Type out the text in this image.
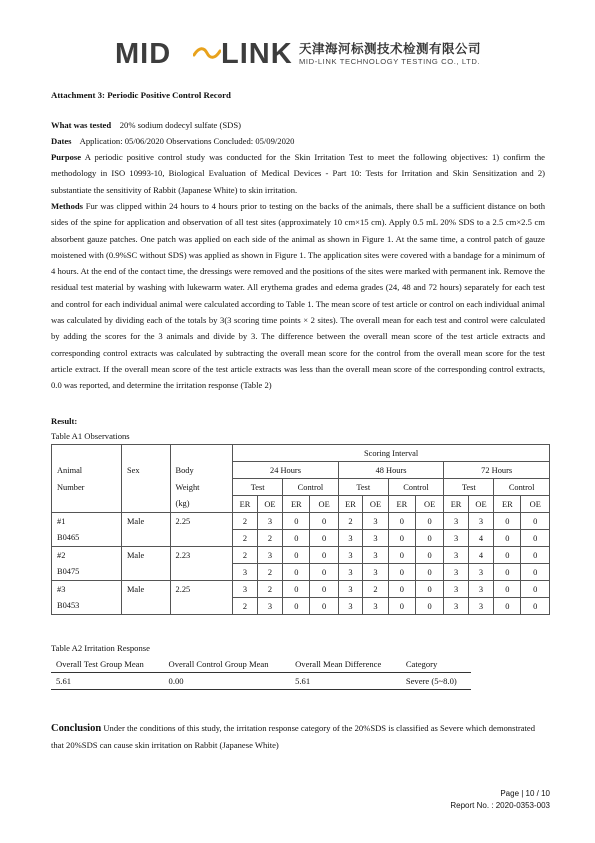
MID LINK 天津海河标测技术检测有限公司
MID-LINK TECHNOLOGY TESTING CO., LTD.
Attachment 3: Periodic Positive Control Record
What was tested 20% sodium dodecyl sulfate (SDS)
Dates Application: 05/06/2020 Observations Concluded: 05/09/2020
Purpose A periodic positive control study was conducted for the Skin Irritation Test to meet the following objectives: 1) confirm the methodology in ISO 10993-10, Biological Evaluation of Medical Devices - Part 10: Tests for Irritation and Skin Sensitization and 2) substantiate the sensitivity of Rabbit (Japanese White) to skin irritation.
Methods Fur was clipped within 24 hours to 4 hours prior to testing on the backs of the animals, there shall be a sufficient distance on both sides of the spine for application and observation of all test sites (approximately 10 cm×15 cm). Apply 0.5 mL 20% SDS to a 2.5 cm×2.5 cm absorbent gauze patches. One patch was applied on each side of the animal as shown in Figure 1. At the same time, a control patch of gauze moistened with (0.9%SC without SDS) was applied as shown in Figure 1. The application sites were covered with a bandage for a minimum of 4 hours. At the end of the contact time, the dressings were removed and the positions of the sites were marked with permanent ink. Remove the residual test material by washing with lukewarm water. All erythema grades and edema grades (24, 48 and 72 hours) separately for each test and control for each individual animal were calculated according to Table 1. The mean score of test article or control on each individual animal was calculated by dividing each of the totals by 3(3 scoring time points × 2 sites). The overall mean for each test and control were calculated by adding the scores for the 3 animals and divide by 3. The difference between the overall mean score of the test article extracts and corresponding control extracts was calculated by subtracting the overall mean score for the control from the overall mean score for the test article extract. If the overall mean score of the test article extracts was less than the overall mean score of the corresponding control extracts, 0.0 was reported, and determine the irritation response (Table 2)
Result:
Table A1 Observations
			Scoring Interval											
Animal	Sex	Body	24 Hours				48 Hours				72 Hours			
Number		Weight	Test		Control		Test		Control		Test		Control	
		(kg)	ER	OE	ER	OE	ER	OE	ER	OE	ER	OE	ER	OE
#1	Male	2.25	2	3	0	0	2	3	0	0	3	3	0	0
B0465			2	2	0	0	3	3	0	0	3	4	0	0
#2	Male	2.23	2	3	0	0	3	3	0	0	3	4	0	0
B0475			3	2	0	0	3	3	0	0	3	3	0	0
#3	Male	2.25	3	2	0	0	3	2	0	0	3	3	0	0
B0453			2	3	0	0	3	3	0	0	3	3	0	0
Table A2 Irritation Response
Overall Test Group Mean	Overall Control Group Mean	Overall Mean Difference	Category
5.61	0.00	5.61	Severe (5~8.0)
Conclusion Under the conditions of this study, the irritation response category of the 20%SDS is classified as Severe which demonstrated that 20%SDS can cause skin irritation on Rabbit (Japanese White)
Page | 10 / 10
Report No. : 2020-0353-003
